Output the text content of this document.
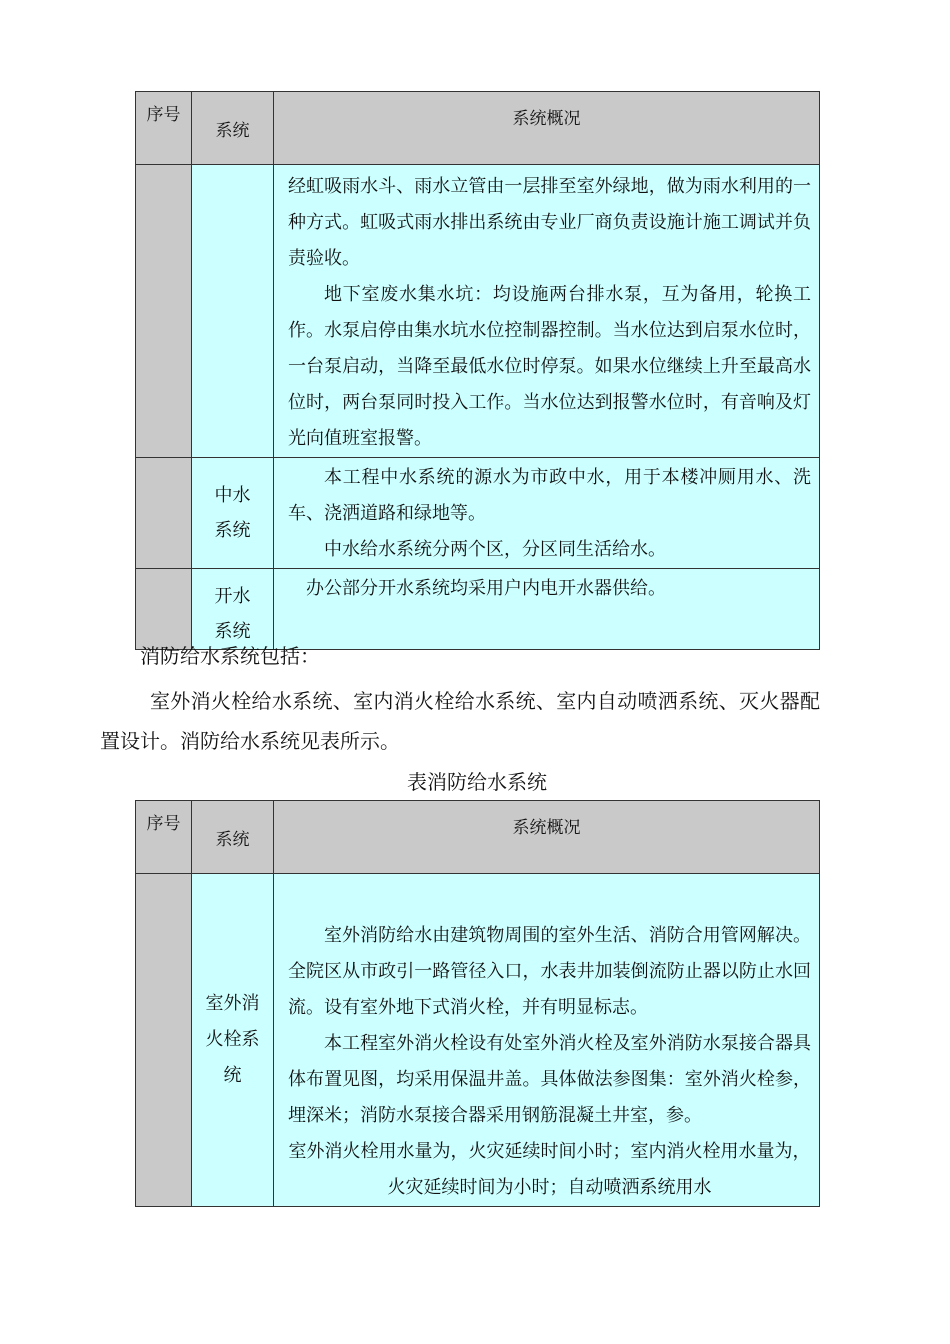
序号	系统	系统概况

		经虹吸雨水斗、雨水立管由一层排至室外绿地，做为雨水利用的一种方式。虹吸式雨水排出系统由专业厂商负责设施计施工调试并负责验收。

地下室废水集水坑：均设施两台排水泵，互为备用，轮换工作。水泵启停由集水坑水位控制器控制。当水位达到启泵水位时，一台泵启动，当降至最低水位时停泵。如果水位继续上升至最高水位时，两台泵同时投入工作。当水位达到报警水位时，有音响及灯光向值班室报警。

	中水系统	本工程中水系统的源水为市政中水，用于本楼冲厕用水、洗车、浇洒道路和绿地等。

中水给水系统分两个区，分区同生活给水。

	开水系统	办公部分开水系统均采用户内电开水器供给。

消防给水系统包括：

室外消火栓给水系统、室内消火栓给水系统、室内自动喷洒系统、灭火器配置设计。消防给水系统见表所示。

表消防给水系统
序号	系统	系统概况
	室外消火栓系统	室外消防给水由建筑物周围的室外生活、消防合用管网解决。全院区从市政引一路管径入口，水表井加装倒流防止器以防止水回流。设有室外地下式消火栓，并有明显标志。

本工程室外消火栓设有处室外消火栓及室外消防水泵接合器具体布置见图，均采用保温井盖。具体做法参图集：室外消火栓参，埋深米；消防水泵接合器采用钢筋混凝土井室，参。

室外消火栓用水量为，火灾延续时间小时；室内消火栓用水量为，火灾延续时间为小时；自动喷洒系统用水
